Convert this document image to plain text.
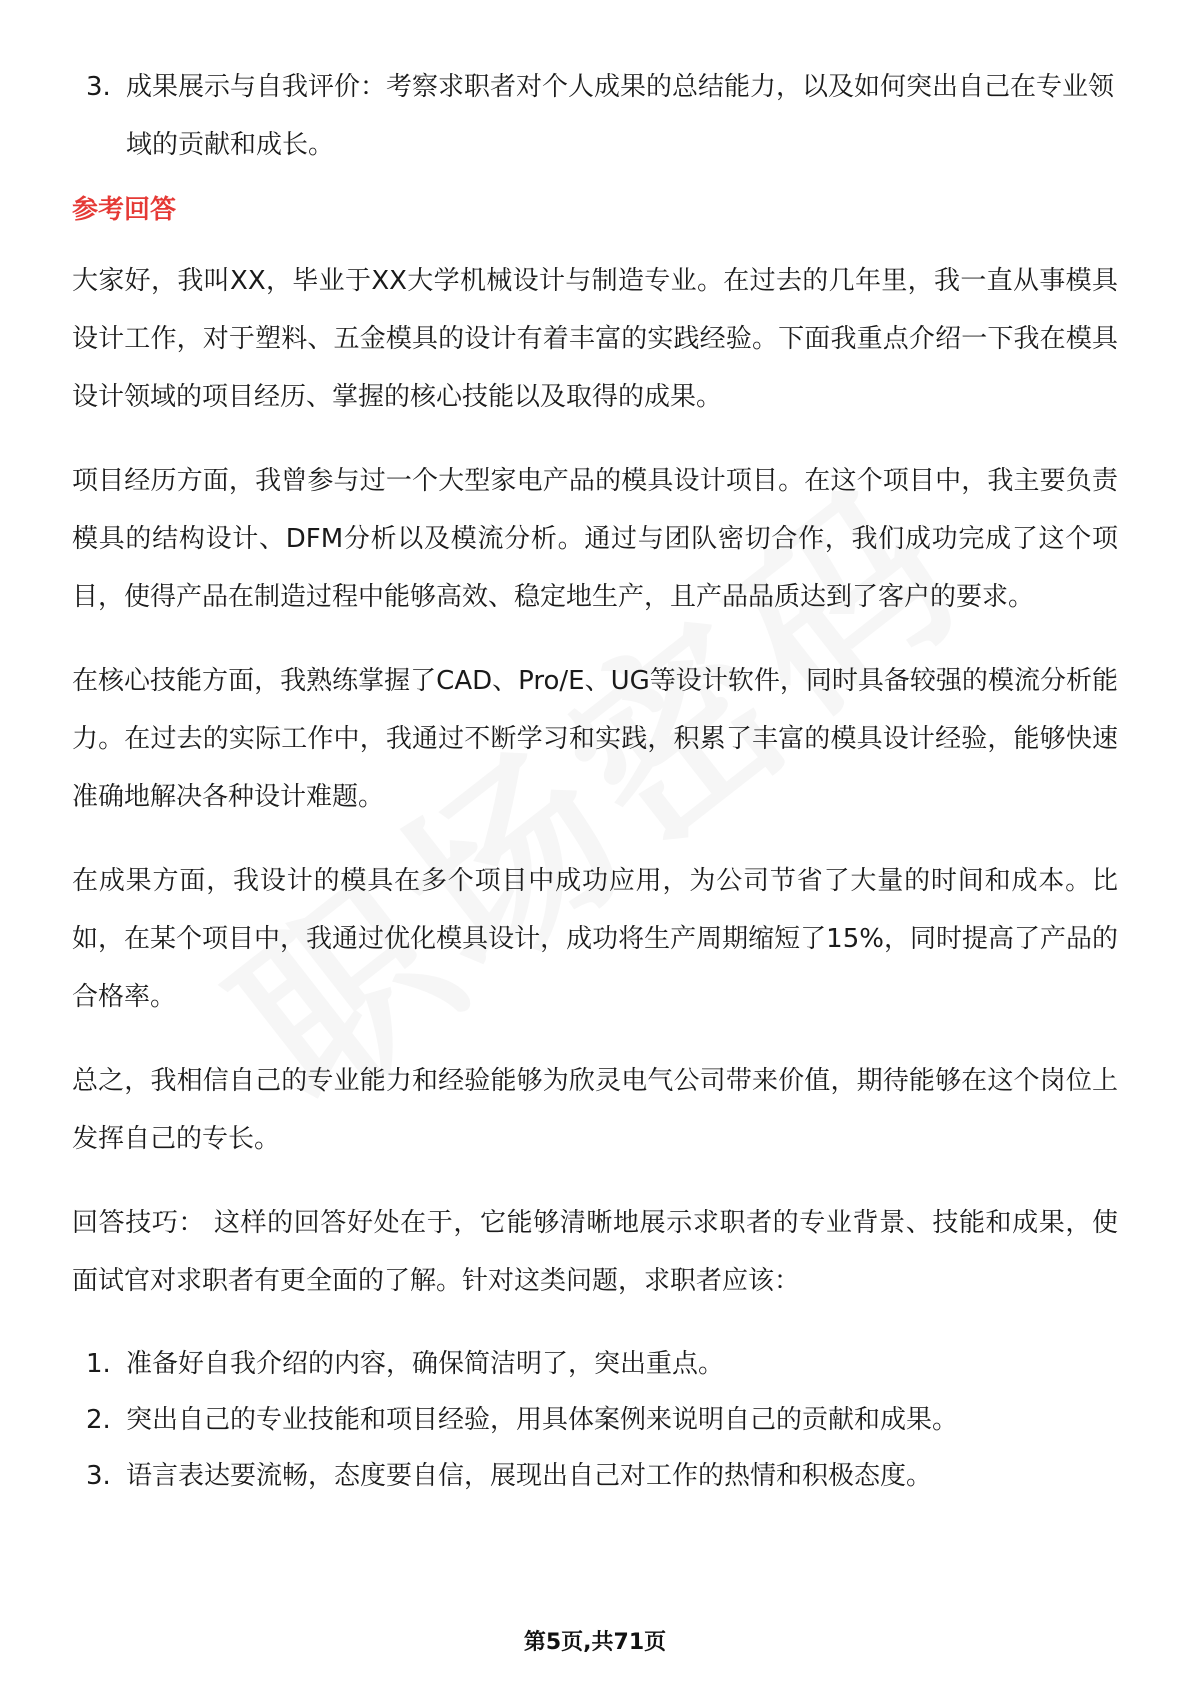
3. 成果展示与自我评价：考察求职者对个人成果的总结能力，以及如何突出自己在专业领域的贡献和成长。
参考回答

大家好，我叫XX，毕业于XX大学机械设计与制造专业。在过去的几年里，我一直从事模具设计工作，对于塑料、五金模具的设计有着丰富的实践经验。下面我重点介绍一下我在模具设计领域的项目经历、掌握的核心技能以及取得的成果。

项目经历方面，我曾参与过一个大型家电产品的模具设计项目。在这个项目中，我主要负责模具的结构设计、DFM分析以及模流分析。通过与团队密切合作，我们成功完成了这个项目，使得产品在制造过程中能够高效、稳定地生产，且产品品质达到了客户的要求。

在核心技能方面，我熟练掌握了CAD、Pro/E、UG等设计软件，同时具备较强的模流分析能力。在过去的实际工作中，我通过不断学习和实践，积累了丰富的模具设计经验，能够快速准确地解决各种设计难题。

在成果方面，我设计的模具在多个项目中成功应用，为公司节省了大量的时间和成本。比如，在某个项目中，我通过优化模具设计，成功将生产周期缩短了15%，同时提高了产品的合格率。

总之，我相信自己的专业能力和经验能够为欣灵电气公司带来价值，期待能够在这个岗位上发挥自己的专长。

回答技巧： 这样的回答好处在于，它能够清晰地展示求职者的专业背景、技能和成果，使面试官对求职者有更全面的了解。针对这类问题，求职者应该：

1. 准备好自我介绍的内容，确保简洁明了，突出重点。
2. 突出自己的专业技能和项目经验，用具体案例来说明自己的贡献和成果。
3. 语言表达要流畅，态度要自信，展现出自己对工作的热情和积极态度。
第5页,共71页
